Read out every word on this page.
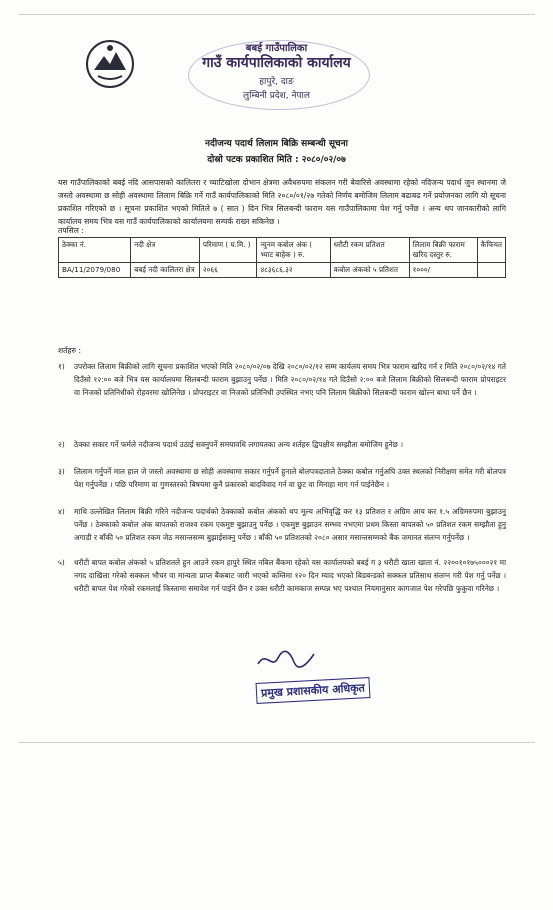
बबई गाउँपालिका
गाउँ कार्यपालिकाको कार्यालय
हापुरे, दाङ
लुम्बिनी प्रदेश, नेपाल
नदीजन्य पदार्थ लिलाम बिक्रि सम्बन्धी सूचना
दोस्रो पटक प्रकाशित मिति : २०८०/०२/०७
यस गाउँपालिकाको बबई नदि आसपासको कालितरा र च्याटिखोला दोभान क्षेत्रमा अवैधरुपमा संकलन गरी बेवारिसे अवस्थामा रहेको नदिजन्य पदार्थ जुन स्थानमा जे जस्तो अवस्थामा छ सोही अवस्थामा लिलाम बिक्रि गर्ने गाउँ कार्यपालिकाको मिति २०८०/०१/२७ गतेको निर्णय बमोजिम लिलाम बढाबढ गर्ने प्रयोजनका लागि यो सूचना प्रकाशित गरिएको छ । सूचना प्रकाशित भएको मितिले ७ ( सात ) दिन भित्र सिलबन्दी फाराम यस गाउँपालिकामा पेश गर्नु पर्नेछ । अन्य थप जानकारीको लागि कार्यालय समय भित्र यस गाउँ कार्यपालिकाको कार्यालयमा सम्पर्क राख्न सकिनेछ ।
तपसिल :
ठेक्का नं.	नदी क्षेत्र	परिमाण ( घ.मि. )	न्युनम कबोल अंक ( भ्याट बाहेक ) रु.	धरौटी रकम प्रतिशत	लिलाम बिक्री फाराम खरिद दस्तुर रु.	कैफियत
BA/11/2079/080	बबई नदी कालितरा क्षेत्र	२०६६	४८३६८६.३२	कबोल अंकको ५ प्रतिशत	१०००/	
शर्तहरु :
१)	उपरोक्त लिलाम बिक्रीको लागि सूचना प्रकाशित भएको मिति २०८०/०२/०७ देखि २०८०/०२/१२ सम्म कार्यलय समय भित्र फाराम खरिद गर्न र मिति २०८०/०२/१४ गते दिउँसो १२:०० बजे भित्र यस कार्यालयमा सिलबन्दी फाराम बुझाउनु पर्नेछ । मिति २०८०/०२/१४ गते दिउँसो २:०० बजे लिलाम बिक्रीको सिलबन्दी फाराम प्रोपराइटर वा निजको प्रतिनिधीको रोहवरमा खोलिनेछ । प्रोपराइटर वा निजको प्रतिनिधी उपस्थित नभए पनि लिलाम बिक्रीको सिलबन्दी फाराम खोल्न बाधा पर्ने छैन ।
२)	ठेक्का सकार गर्ने फर्मले नदीजन्य पदार्थ उठाई सक्नुपर्ने समयावधि लगायतका अन्य शर्तहरु द्विपक्षीय सम्झौता बमोजिम हुनेछ ।
३)	लिलाम गर्नुपर्ने माल हाल जे जस्तो अवस्थामा छ सोही अवस्थामा सकार गर्नुपर्ने हुनाले बोलपत्रदाताले ठेक्का कबोल गर्नुअघि उक्त स्थलको निरीक्षण समेत गरी बोलपत्र पेश गर्नुपर्नेछ । पछि परिमाण वा गुणस्तरको बिषयमा कुनै प्रकारको बादविवाद गर्न वा छुट वा मिनाहा माग गर्न पाईनेछैन ।
४)	माथि उल्लेखित लिलाम बिक्री गरिने नदीजन्य पदार्थको ठेक्काको कबोल अंकको थप मूल्य अभिवृद्धि कर १३ प्रतिशत र अग्रिम आय कर १.५ अग्रिमरुपमा बुझाउनु पर्नेछ । ठेक्काको कबोल अंक बापतको राजश्व रकम एकमुष्ट बुझाउनु पर्नेछ । एकमुष्ट बुझाउन सम्भव नभएमा प्रथम किस्ता बापतको ५० प्रतिशत रकम सम्झौता हुनु अगाडी र बाँकी ५० प्रतिशत रकम जेठ मसान्तसम्म बुझाईसक्नु पर्नेछ । बाँकी ५० प्रतिशतको २०८० असार मसान्तसम्मको बैंक जमानत संलग्न गर्नुपर्नेछ ।
५)	धरौटी बापत कबोल अंकको ५ प्रतिशतले हुन आउने रकम हापुरे स्थित नबिल बैंकमा रहेको यस कार्यालयको बबई ग ३ धरौटी खाता खाता नं. २२००१०१७५०००२१ मा नगद दाखिला गरेको सक्कल भौचर वा मान्यता प्राप्त बैंकबाट जारी भएको कम्तिमा १२० दिन म्याद भएको बिडबन्डको सक्कल प्रतिसाथ संलग्न गरी पेश गर्नु पर्नेछ । धरौटी बापत पेश गरेको रकमलाई किस्तामा समावेश गर्न पाईने छैन र उक्त धरौटी कामकाज सम्पन्न भए पश्चात नियमानुसार कागजात पेश गरेपछि फुकुवा गरिनेछ ।
प्रमुख प्रशासकीय अधिकृत
